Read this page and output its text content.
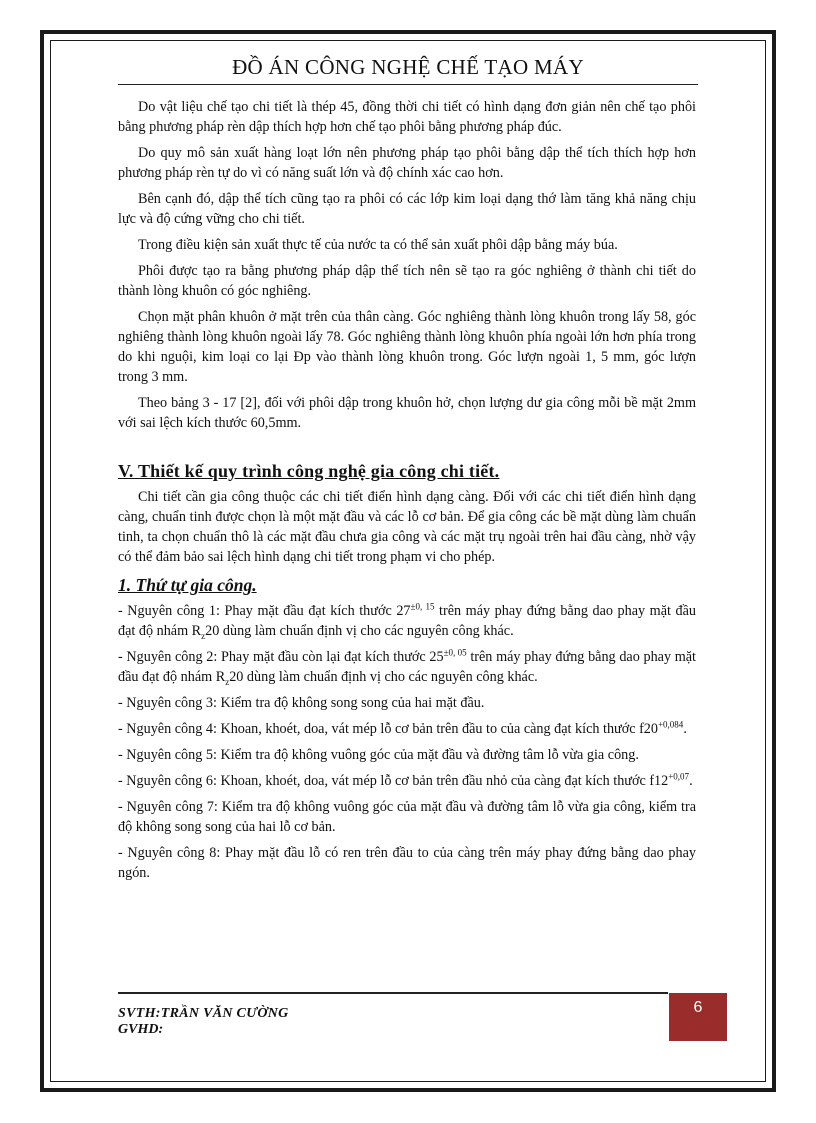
ĐỒ ÁN CÔNG NGHỆ CHẾ TẠO MÁY

Do vật liệu chế tạo chi tiết là thép 45, đồng thời chi tiết có hình dạng đơn giản nên chế tạo phôi bằng phương pháp rèn dập thích hợp hơn chế tạo phôi bằng phương pháp đúc.

Do quy mô sản xuất hàng loạt lớn nên phương pháp tạo phôi bằng dập thể tích thích hợp hơn phương pháp rèn tự do vì có năng suất lớn và độ chính xác cao hơn.

Bên cạnh đó, dập thể tích cũng tạo ra phôi có các lớp kim loại dạng thớ làm tăng khả năng chịu lực và độ cứng vững cho chi tiết.

Trong điều kiện sản xuất thực tế của nước ta có thể sản xuất phôi dập bằng máy búa.

Phôi được tạo ra bằng phương pháp dập thể tích nên sẽ tạo ra góc nghiêng ở thành chi tiết do thành lòng khuôn có góc nghiêng.

Chọn mặt phân khuôn ở mặt trên của thân càng. Góc nghiêng thành lòng khuôn trong lấy 58, góc nghiêng thành lòng khuôn ngoài lấy 78. Góc nghiêng thành lòng khuôn phía ngoài lớn hơn phía trong do khi nguội, kim loại co lại Đp vào thành lòng khuôn trong. Góc lượn ngoài 1, 5 mm, góc lượn trong 3 mm.

Theo bảng 3 - 17 [2], đối với phôi dập trong khuôn hở, chọn lượng dư gia công mỗi bề mặt 2mm với sai lệch kích thước 60,5mm.

V. Thiết kế quy trình công nghệ gia công chi tiết.

Chi tiết cần gia công thuộc các chi tiết điển hình dạng càng. Đối với các chi tiết điển hình dạng càng, chuẩn tinh được chọn là một mặt đầu và các lỗ cơ bản. Để gia công các bề mặt dùng làm chuẩn tinh, ta chọn chuẩn thô là các mặt đầu chưa gia công và các mặt trụ ngoài trên hai đầu càng, nhờ vậy có thể đảm bảo sai lệch hình dạng chi tiết trong phạm vi cho phép.

1. Thứ tự gia công.

- Nguyên công 1: Phay mặt đầu đạt kích thước $27^{\pm 0, 15}$ trên máy phay đứng bằng dao phay mặt đầu đạt độ nhám $R_z20$ dùng làm chuẩn định vị cho các nguyên công khác.

- Nguyên công 2: Phay mặt đầu còn lại đạt kích thước $25^{\pm 0, 05}$ trên máy phay đứng bằng dao phay mặt đầu đạt độ nhám $R_z20$ dùng làm chuẩn định vị cho các nguyên công khác.

- Nguyên công 3: Kiểm tra độ không song song của hai mặt đầu.

- Nguyên công 4: Khoan, khoét, doa, vát mép lỗ cơ bản trên đầu to của càng đạt kích thước $f20^{+0,084}$.

- Nguyên công 5: Kiểm tra độ không vuông góc của mặt đầu và đường tâm lỗ vừa gia công.

- Nguyên công 6: Khoan, khoét, doa, vát mép lỗ cơ bản trên đầu nhỏ của càng đạt kích thước $f12^{+0,07}$.

- Nguyên công 7: Kiểm tra độ không vuông góc của mặt đầu và đường tâm lỗ vừa gia công, kiểm tra độ không song song của hai lỗ cơ bản.

- Nguyên công 8: Phay mặt đầu lỗ có ren trên đầu to của càng trên máy phay đứng bằng dao phay ngón.

6
SVTH:TRẦN VĂN CƯỜNG
GVHD:
